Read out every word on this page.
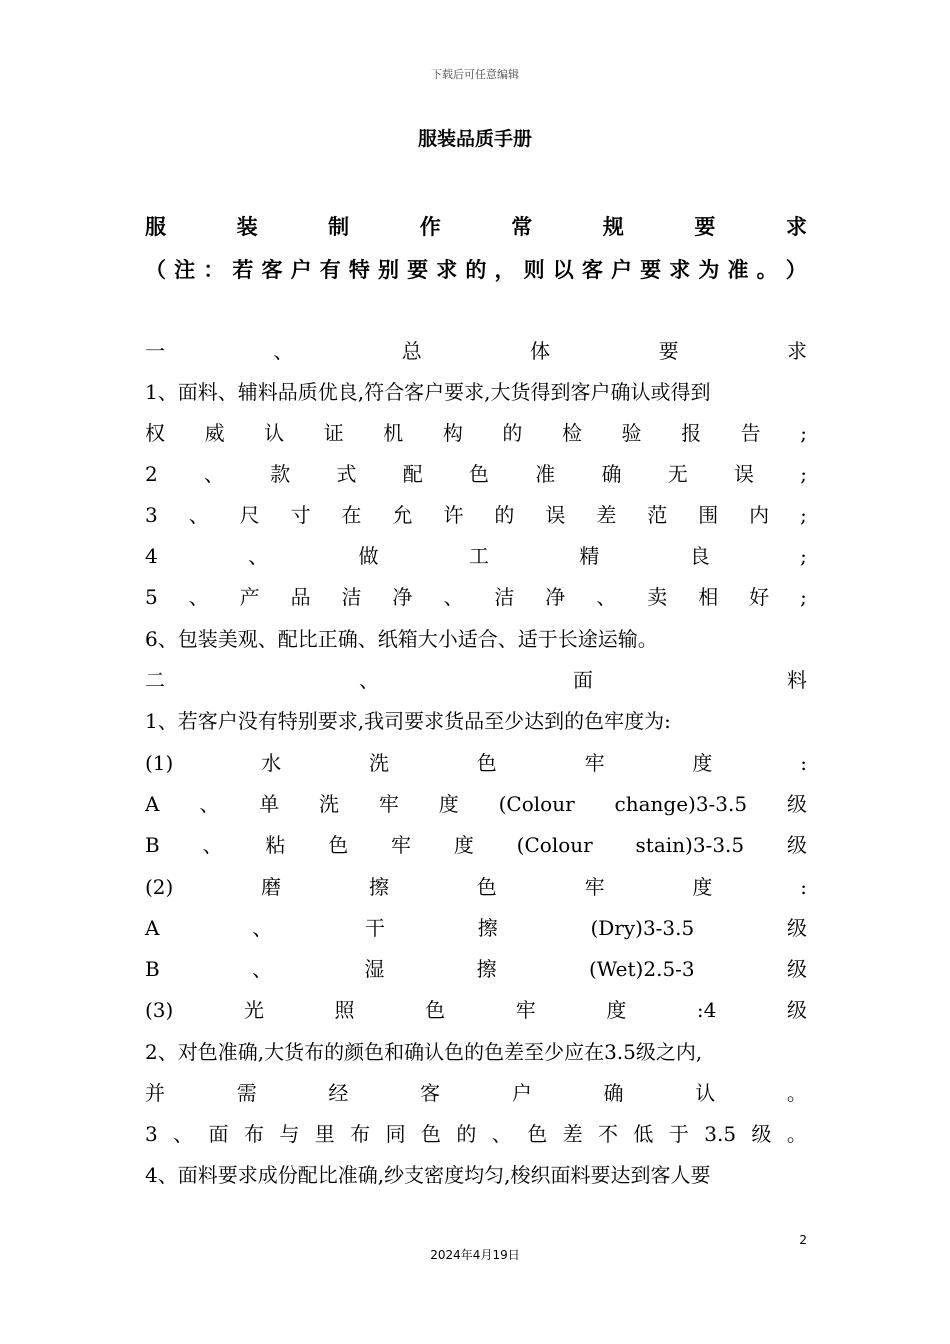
下载后可任意编辑
服装品质手册
服	装	制	作	常	规	要	求
（ 注 ： 若 客 户 有 特 别 要 求 的 ， 则 以 客 户 要 求 为 准 。 ）
一	、	总	体	要	求
1、面料、辅料品质优良,符合客户要求,大货得到客户确认或得到
权 威 认 证 机 构 的 检 验 报 告 ;
2 、 款 式 配 色 准 确 无 误 ;
3 、 尺 寸 在 允 许 的 误 差 范 围 内 ;
4	、	做	工	精	良	;
5 、 产 品 洁 净 、 洁 净 、 卖 相 好 ;
6、包装美观、配比正确、纸箱大小适合、适于长途运输。
二	、	面	料
1、若客户没有特别要求,我司要求货品至少达到的色牢度为:
(1)	水	洗	色	牢	度	:
A 、 单 洗 牢 度 (Colour change)3-3.5 级
B 、 粘 色 牢 度 (Colour stain)3-3.5 级
(2)	磨	擦	色	牢	度	:
A	、	干	擦	(Dry)3-3.5	级
B	、	湿	擦	(Wet)2.5-3	级
(3)	光	照	色	牢	度	:4	级
2、对色准确,大货布的颜色和确认色的色差至少应在3.5级之内,
并	需	经	客	户	确	认	。
3 、 面 布 与 里 布 同 色 的 、 色 差 不 低 于 3.5 级 。
4、面料要求成份配比准确,纱支密度均匀,梭织面料要达到客人要
2
2024年4月19日
